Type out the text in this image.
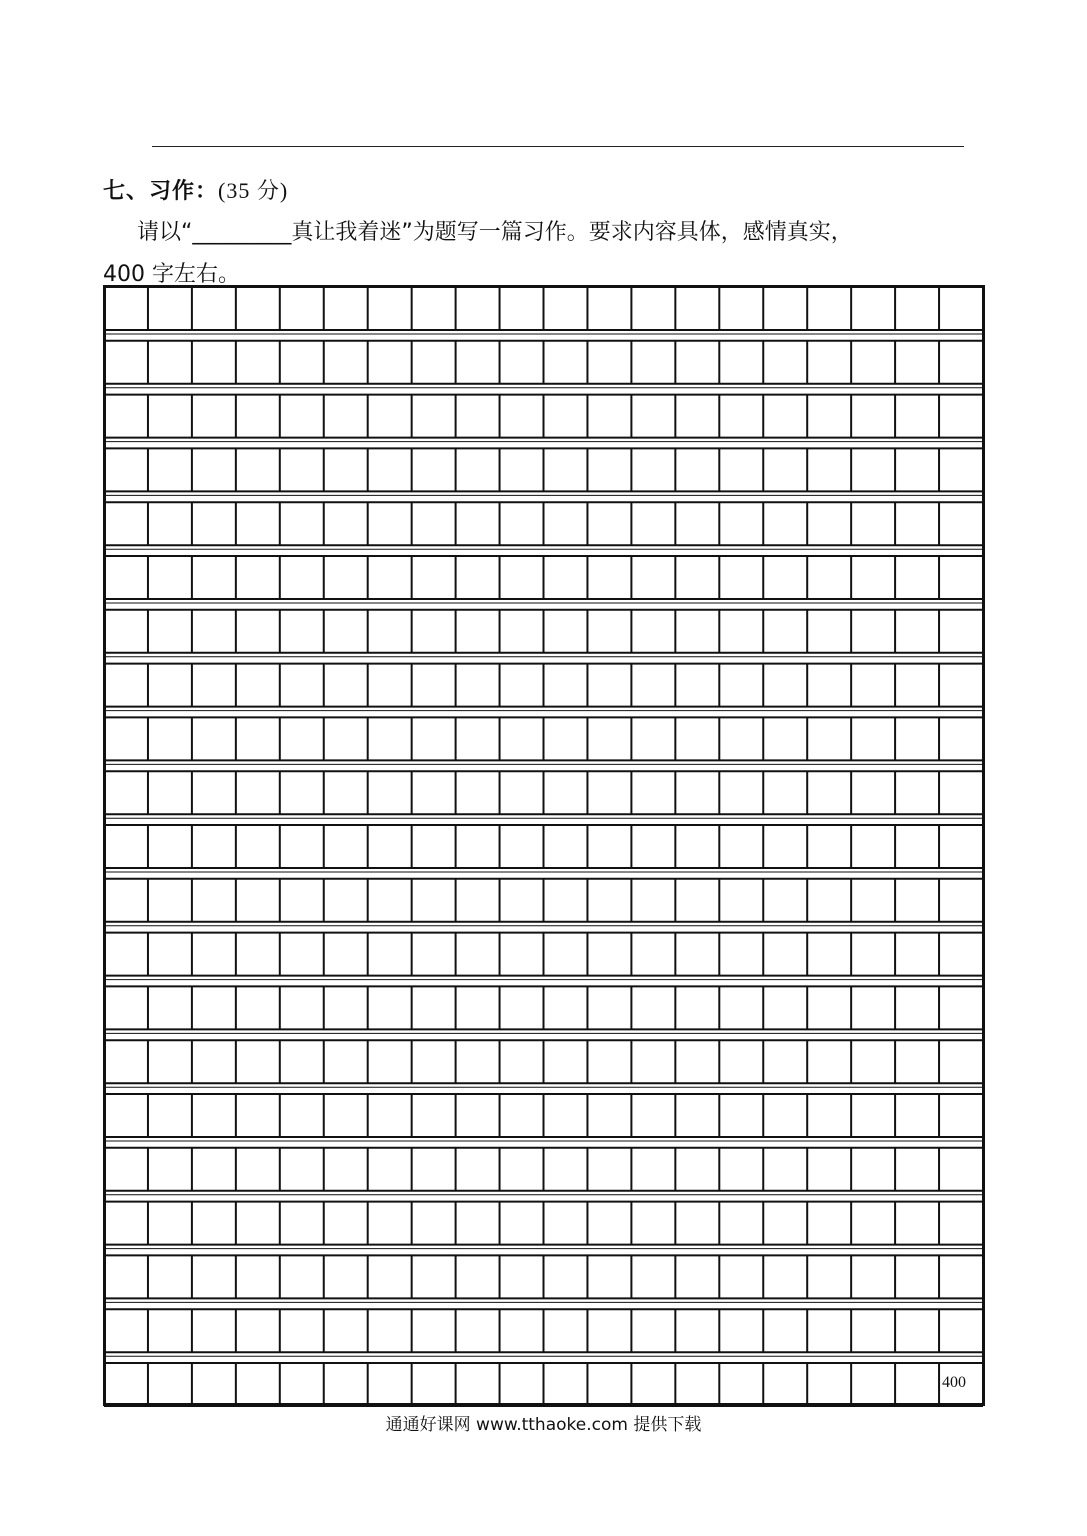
七、习作：(35 分)
请以“_________真让我着迷”为题写一篇习作。要求内容具体，感情真实，
400 字左右。
400
通通好课网 www.tthaoke.com 提供下载
